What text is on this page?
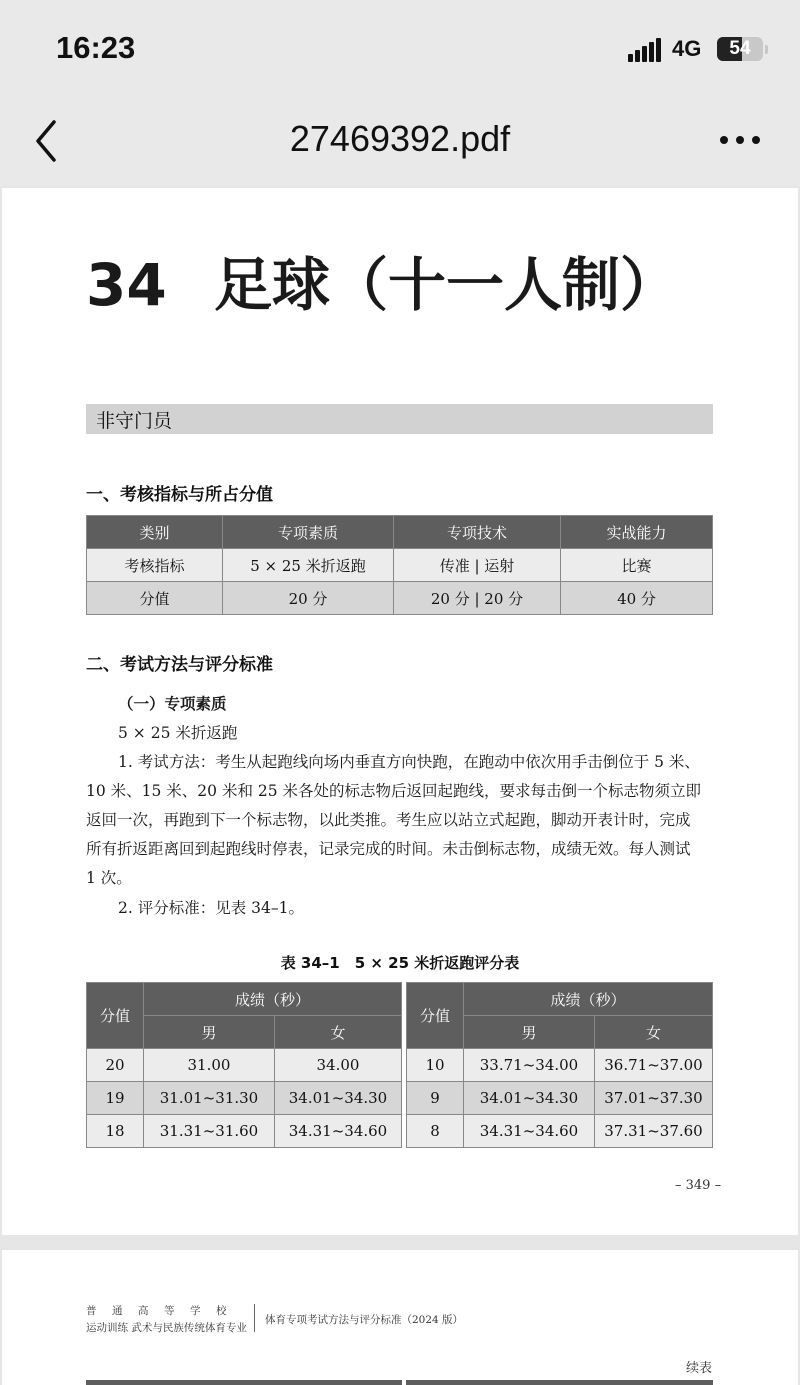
16:23	4G	54
27469392.pdf
34 足球（十一人制）
非守门员
一、考核指标与所占分值
类别	专项素质	专项技术	实战能力
考核指标	5 × 25 米折返跑	传准 | 运射	比赛
分值	20 分	20 分 | 20 分	40 分
二、考试方法与评分标准
（一）专项素质
5 × 25 米折返跑
1. 考试方法：考生从起跑线向场内垂直方向快跑，在跑动中依次用手击倒位于 5 米、
10 米、15 米、20 米和 25 米各处的标志物后返回起跑线，要求每击倒一个标志物须立即
返回一次，再跑到下一个标志物，以此类推。考生应以站立式起跑，脚动开表计时，完成
所有折返距离回到起跑线时停表，记录完成的时间。未击倒标志物，成绩无效。每人测试
1 次。
2. 评分标准：见表 34–1。
表 34–1　5 × 25 米折返跑评分表
分值	成绩（秒）	
	男	女
20	31.00	34.00
19	31.01~31.30	34.01~34.30
18	31.31~31.60	34.31~34.60
分值	成绩（秒）	
	男	女
10	33.71~34.00	36.71~37.00
9	34.01~34.30	37.01~37.30
8	34.31~34.60	37.31~37.60
– 349 –
普通高等学校
运动训练 武术与民族传统体育专业
体育专项考试方法与评分标准（2024 版）
续表
